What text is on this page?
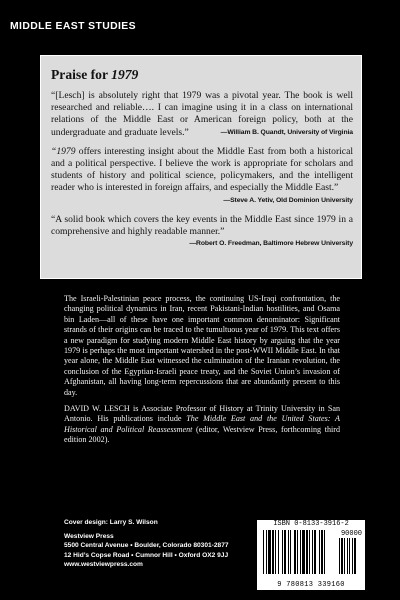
MIDDLE EAST STUDIES
Praise for 1979
“[Lesch] is absolutely right that 1979 was a pivotal year. The book is well researched and reliable…. I can imagine using it in a class on international relations of the Middle East or American foreign policy, both at the undergraduate and graduate levels.”	—William B. Quandt, University of Virginia
“1979 offers interesting insight about the Middle East from both a historical and a political perspective. I believe the work is appropriate for scholars and students of history and political science, policymakers, and the intelligent reader who is interested in foreign affairs, and especially the Middle East.”
—Steve A. Yetiv, Old Dominion University
“A solid book which covers the key events in the Middle East since 1979 in a comprehensive and highly readable manner.”
—Robert O. Freedman, Baltimore Hebrew University

The Israeli-Palestinian peace process, the continuing US-Iraqi confrontation, the changing political dynamics in Iran, recent Pakistani-Indian hostilities, and Osama bin Laden—all of these have one important common denominator: Significant strands of their origins can be traced to the tumultuous year of 1979. This text offers a new paradigm for studying modern Middle East history by arguing that the year 1979 is perhaps the most important watershed in the post-WWII Middle East. In that year alone, the Middle East witnessed the culmination of the Iranian revolution, the conclusion of the Egyptian-Israeli peace treaty, and the Soviet Union’s invasion of Afghanistan, all having long-term repercussions that are abundantly present to this day.

DAVID W. LESCH is Associate Professor of History at Trinity University in San Antonio. His publications include The Middle East and the United States: A Historical and Political Reassessment (editor, Westview Press, forthcoming third edition 2002).

Cover design: Larry S. Wilson
Westview Press
5500 Central Avenue • Boulder, Colorado 80301-2877
12 Hid’s Copse Road • Cumnor Hill • Oxford OX2 9JJ
www.westviewpress.com
ISBN 0-8133-3916-2
9 780813 339160
90000
